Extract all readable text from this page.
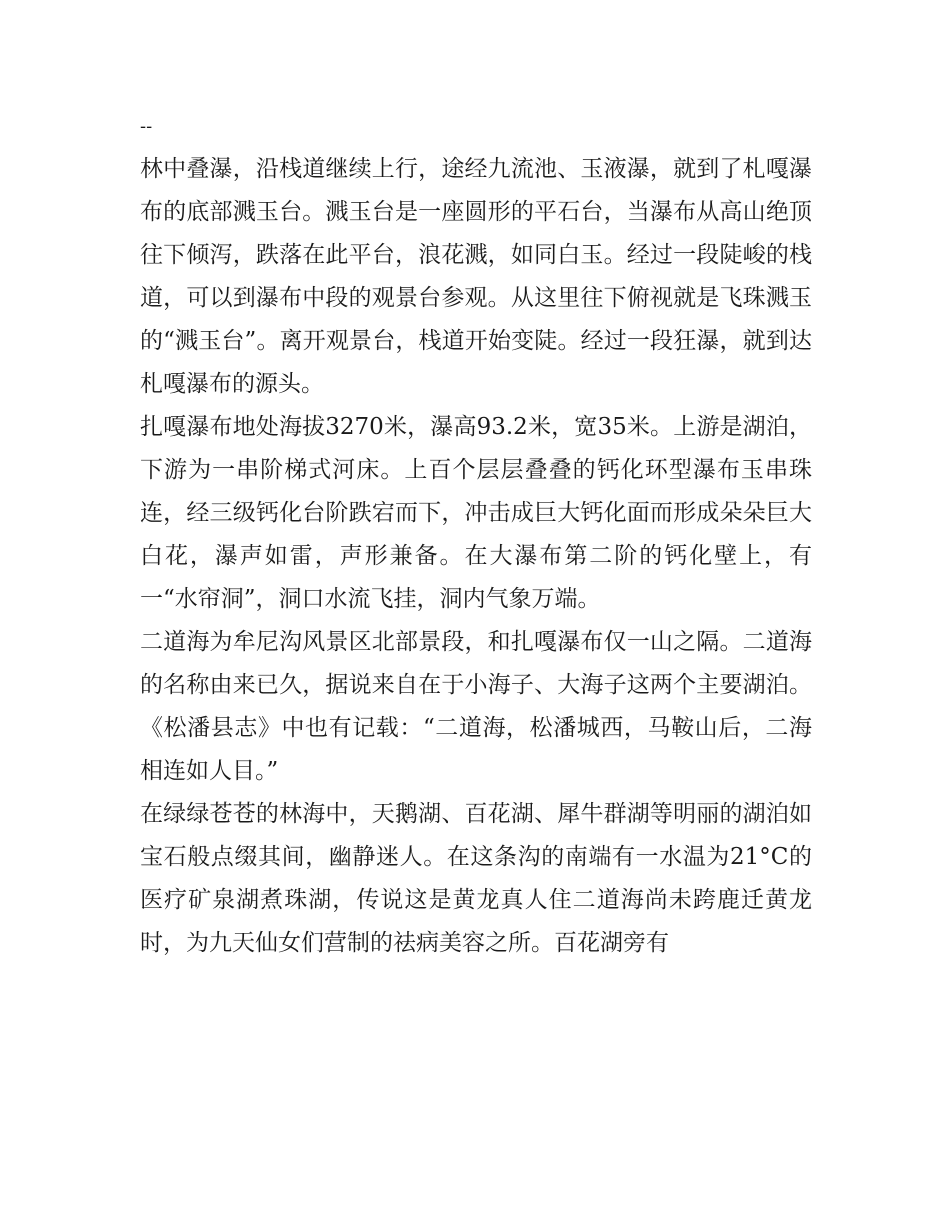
--

林中叠瀑，沿栈道继续上行，途经九流池、玉液瀑，就到了札嘎瀑布的底部溅玉台。溅玉台是一座圆形的平石台，当瀑布从高山绝顶往下倾泻，跌落在此平台，浪花溅，如同白玉。经过一段陡峻的栈道，可以到瀑布中段的观景台参观。从这里往下俯视就是飞珠溅玉的“溅玉台”。离开观景台，栈道开始变陡。经过一段狂瀑，就到达札嘎瀑布的源头。

扎嘎瀑布地处海拔3270米，瀑高93.2米，宽35米。上游是湖泊，下游为一串阶梯式河床。上百个层层叠叠的钙化环型瀑布玉串珠连，经三级钙化台阶跌宕而下，冲击成巨大钙化面而形成朵朵巨大白花，瀑声如雷，声形兼备。在大瀑布第二阶的钙化壁上，有一“水帘洞”，洞口水流飞挂，洞内气象万端。

二道海为牟尼沟风景区北部景段，和扎嘎瀑布仅一山之隔。二道海的名称由来已久，据说来自在于小海子、大海子这两个主要湖泊。《松潘县志》中也有记载：“二道海，松潘城西，马鞍山后，二海相连如人目。”

在绿绿苍苍的林海中，天鹅湖、百花湖、犀牛群湖等明丽的湖泊如宝石般点缀其间，幽静迷人。在这条沟的南端有一水温为21°C的医疗矿泉湖煮珠湖，传说这是黄龙真人住二道海尚未跨鹿迁黄龙时，为九天仙女们营制的祛病美容之所。百花湖旁有
